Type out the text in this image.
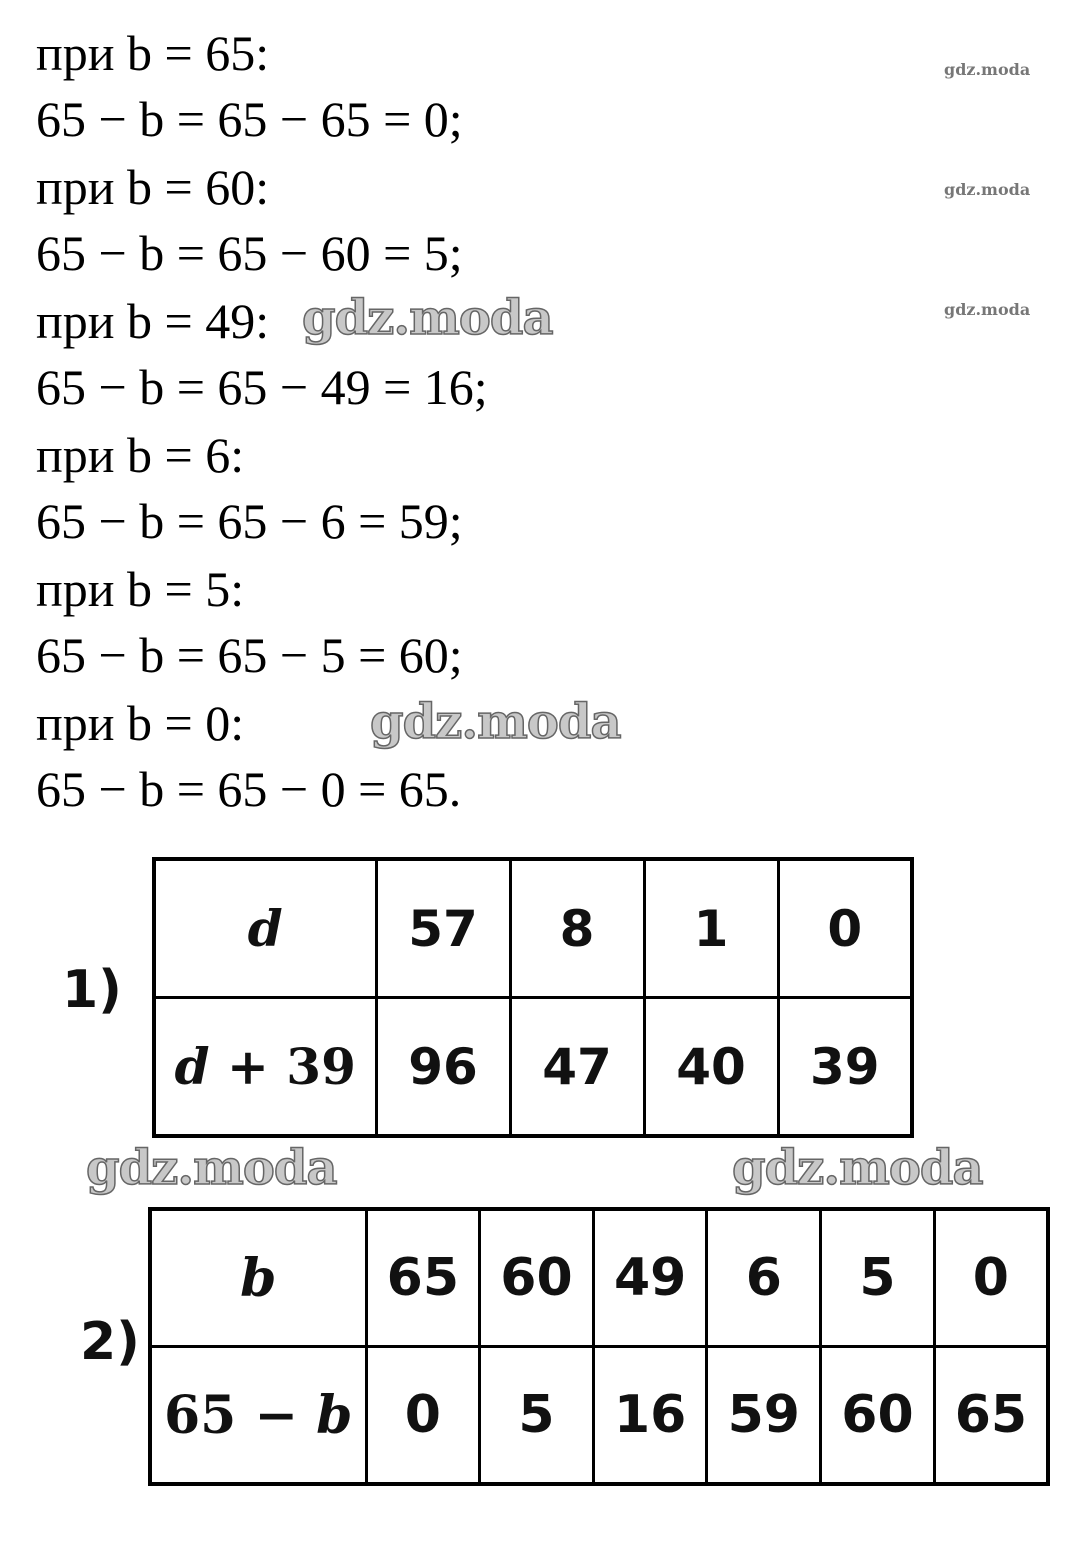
при b = 65:
65 − b = 65 − 65 = 0;
при b = 60:
65 − b = 65 − 60 = 5;
при b = 49:
65 − b = 65 − 49 = 16;
при b = 6:
65 − b = 65 − 6 = 59;
при b = 5:
65 − b = 65 − 5 = 60;
при b = 0:
65 − b = 65 − 0 = 65.
gdz.moda
gdz.moda
gdz.moda
gdz.moda
gdz.moda
gdz.moda	gdz.moda
1)
d	57	8	1	0
d + 39	96	47	40	39
2)
b	65	60	49	6	5	0
65 − b	0	5	16	59	60	65
